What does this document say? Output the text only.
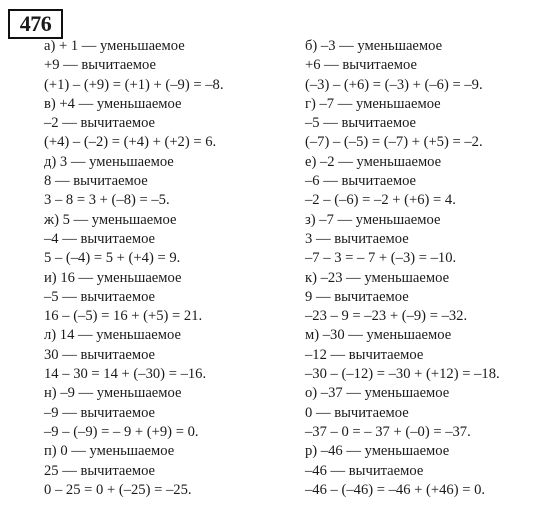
476
а) + 1 — уменьшаемое
+9 — вычитаемое
(+1) – (+9) = (+1) + (–9) = –8.
в) +4 — уменьшаемое
–2 — вычитаемое
(+4) – (–2) = (+4) + (+2) = 6.
д) 3 — уменьшаемое
8 — вычитаемое
3 – 8 = 3 + (–8) = –5.
ж) 5 — уменьшаемое
–4 — вычитаемое
5 – (–4) = 5 + (+4) = 9.
и) 16 — уменьшаемое
–5 — вычитаемое
16 – (–5) = 16 + (+5) = 21.
л) 14 — уменьшаемое
30 — вычитаемое
14 – 30 = 14 + (–30) = –16.
н) –9 — уменьшаемое
–9 — вычитаемое
–9 – (–9) = – 9 + (+9) = 0.
п) 0 — уменьшаемое
25 — вычитаемое
0 – 25 = 0 + (–25) = –25.
б) –3 — уменьшаемое
+6 — вычитаемое
(–3) – (+6) = (–3) + (–6) = –9.
г) –7 — уменьшаемое
–5 — вычитаемое
(–7) – (–5) = (–7) + (+5) = –2.
е) –2 — уменьшаемое
–6 — вычитаемое
–2 – (–6) = –2 + (+6) = 4.
з) –7 — уменьшаемое
3 — вычитаемое
–7 – 3 = – 7 + (–3) = –10.
к) –23 — уменьшаемое
9 — вычитаемое
–23 – 9 = –23 + (–9) = –32.
м) –30 — уменьшаемое
–12 — вычитаемое
–30 – (–12) = –30 + (+12) = –18.
о) –37 — уменьшаемое
0 — вычитаемое
–37 – 0 = – 37 + (–0) = –37.
р) –46 — уменьшаемое
–46 — вычитаемое
–46 – (–46) = –46 + (+46) = 0.
